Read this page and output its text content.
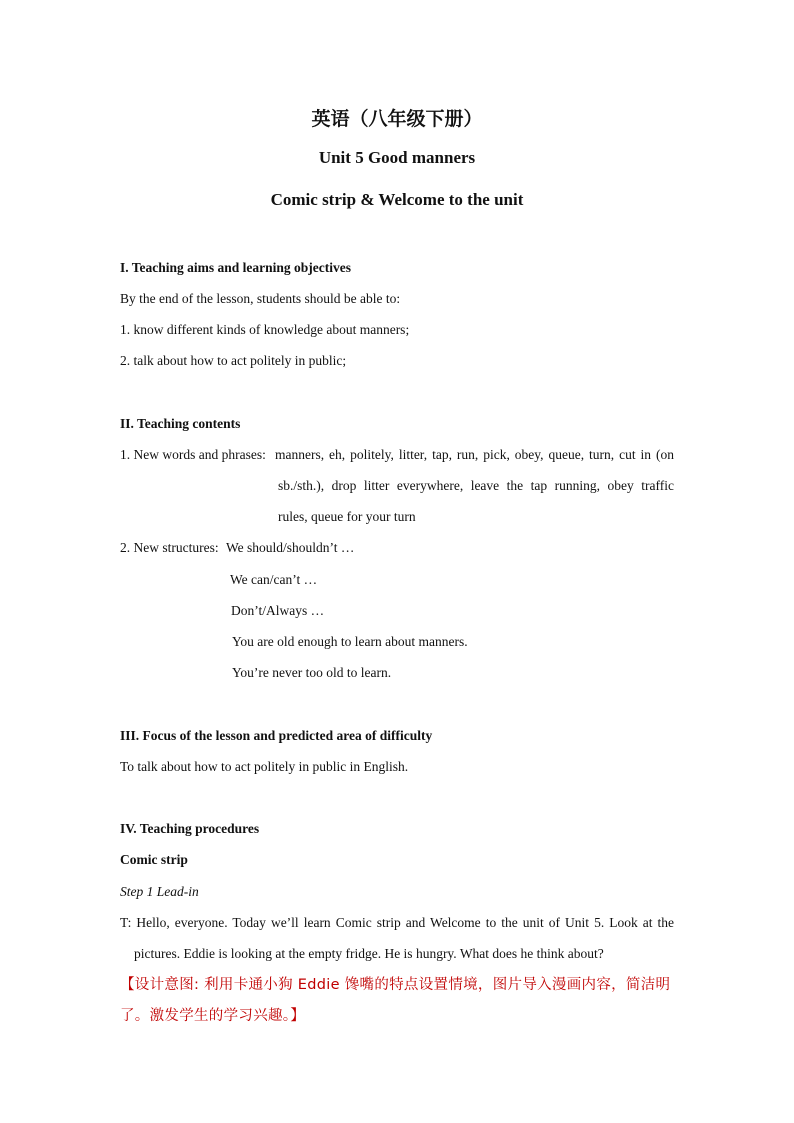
英语（八年级下册）
Unit 5 Good manners
Comic strip & Welcome to the unit
I. Teaching aims and learning objectives
By the end of the lesson, students should be able to:
1. know different kinds of knowledge about manners;
2. talk about how to act politely in public;
II. Teaching contents
1. New words and phrases: manners, eh, politely, litter, tap, run, pick, obey, queue, turn, cut in (on
sb./sth.), drop litter everywhere, leave the tap running, obey traffic
rules, queue for your turn
2. New structures: We should/shouldn’t …
We can/can’t …
Don’t/Always …
You are old enough to learn about manners.
You’re never too old to learn.
III. Focus of the lesson and predicted area of difficulty
To talk about how to act politely in public in English.
IV. Teaching procedures
Comic strip
Step 1 Lead-in
T: Hello, everyone. Today we’ll learn Comic strip and Welcome to the unit of Unit 5. Look at the
pictures. Eddie is looking at the empty fridge. He is hungry. What does he think about?
【设计意图: 利用卡通小狗 Eddie 馋嘴的特点设置情境，图片导入漫画内容，简洁明了。激发学生的学习兴趣。】
